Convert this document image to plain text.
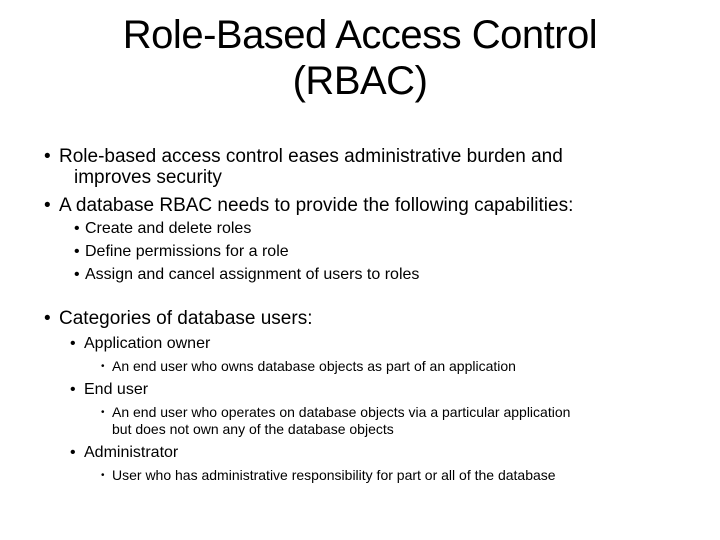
Role-Based Access Control
(RBAC)
• Role-based access control eases administrative burden and
improves security
• A database RBAC needs to provide the following capabilities:
• Create and delete roles
• Define permissions for a role
• Assign and cancel assignment of users to roles
• Categories of database users:
• Application owner
• An end user who owns database objects as part of an application
• End user
• An end user who operates on database objects via a particular application
but does not own any of the database objects
• Administrator
• User who has administrative responsibility for part or all of the database
